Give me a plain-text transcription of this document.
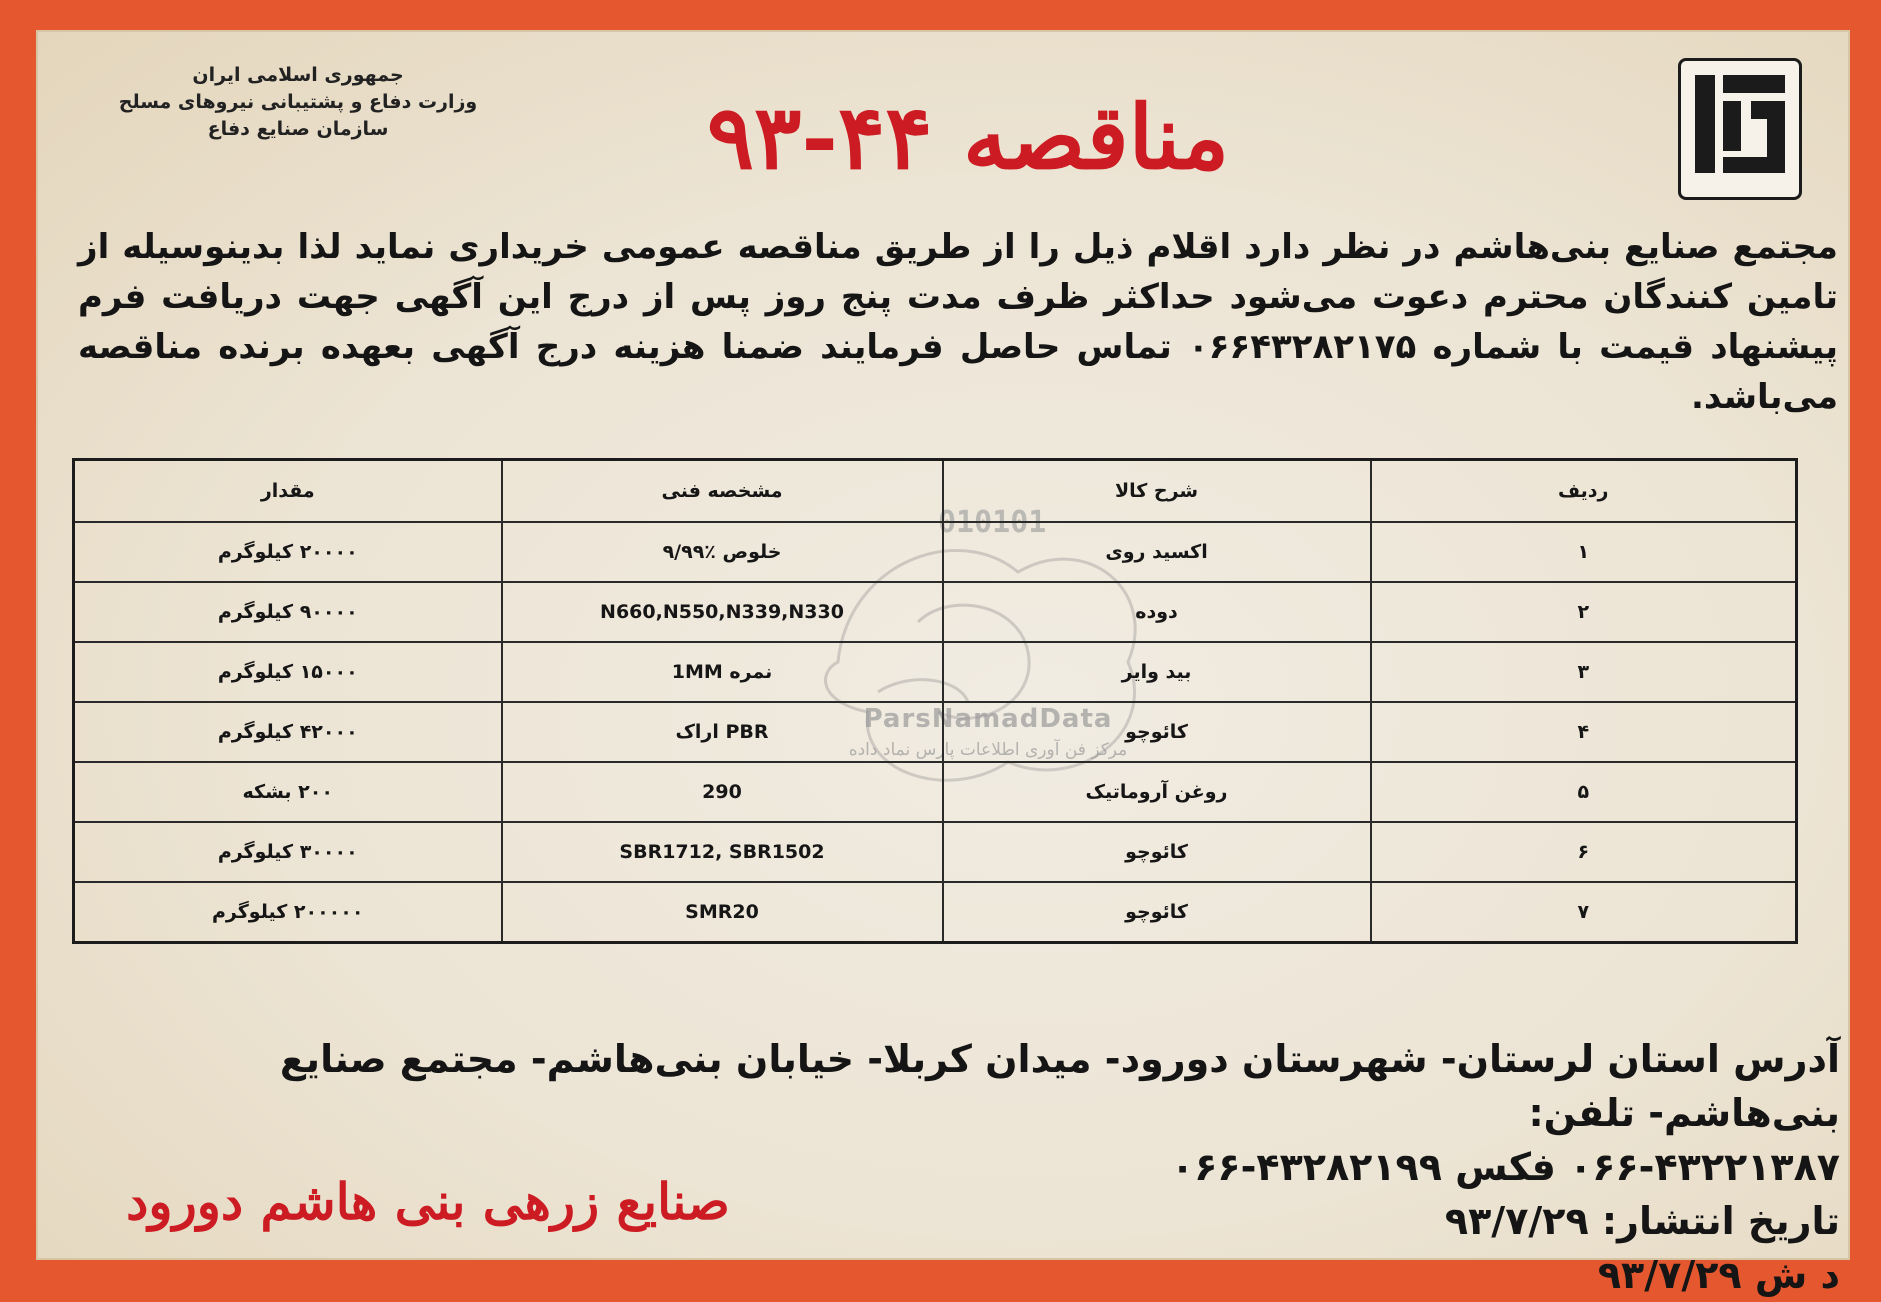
جمهوری اسلامی ایران
وزارت دفاع و پشتیبانی نیروهای مسلح
سازمان صنایع دفاع	مناقصه ۴۴-۹۳
مجتمع صنایع بنی‌هاشم در نظر دارد اقلام ذیل را از طریق مناقصه عمومی خریداری نماید لذا بدینوسیله از تامین کنندگان محترم دعوت می‌شود حداکثر ظرف مدت پنج روز پس از درج این آگهی جهت دریافت فرم پیشنهاد قیمت با شماره ۰۶۶۴۳۲۸۲۱۷۵ تماس حاصل فرمایند ضمنا هزینه درج آگهی بعهده برنده مناقصه می‌باشد.
010101
ParsNamadData
مرکز فن آوری اطلاعات پارس نماد داده
ردیف	شرح کالا	مشخصه فنی	مقدار
۱	اکسید روی	خلوص ٪۹/۹۹	۲۰۰۰۰ کیلوگرم
۲	دوده	N660,N550,N339,N330	۹۰۰۰۰ کیلوگرم
۳	بید وایر	نمره 1MM	۱۵۰۰۰ کیلوگرم
۴	کائوچو	PBR اراک	۴۲۰۰۰ کیلوگرم
۵	روغن آروماتیک	290	۲۰۰ بشکه
۶	کائوچو	SBR1712, SBR1502	۳۰۰۰۰ کیلوگرم
۷	کائوچو	SMR20	۲۰۰۰۰۰ کیلوگرم
آدرس استان لرستان- شهرستان دورود- میدان کربلا- خیابان بنی‌هاشم- مجتمع صنایع بنی‌هاشم- تلفن:
۰۶۶-۴۳۲۲۱۳۸۷ فکس ۴۳۲۸۲۱۹۹-۰۶۶
تاریخ انتشار: ۹۳/۷/۲۹
د ش ۹۳/۷/۲۹
صنایع زرهی بنی هاشم دورود
